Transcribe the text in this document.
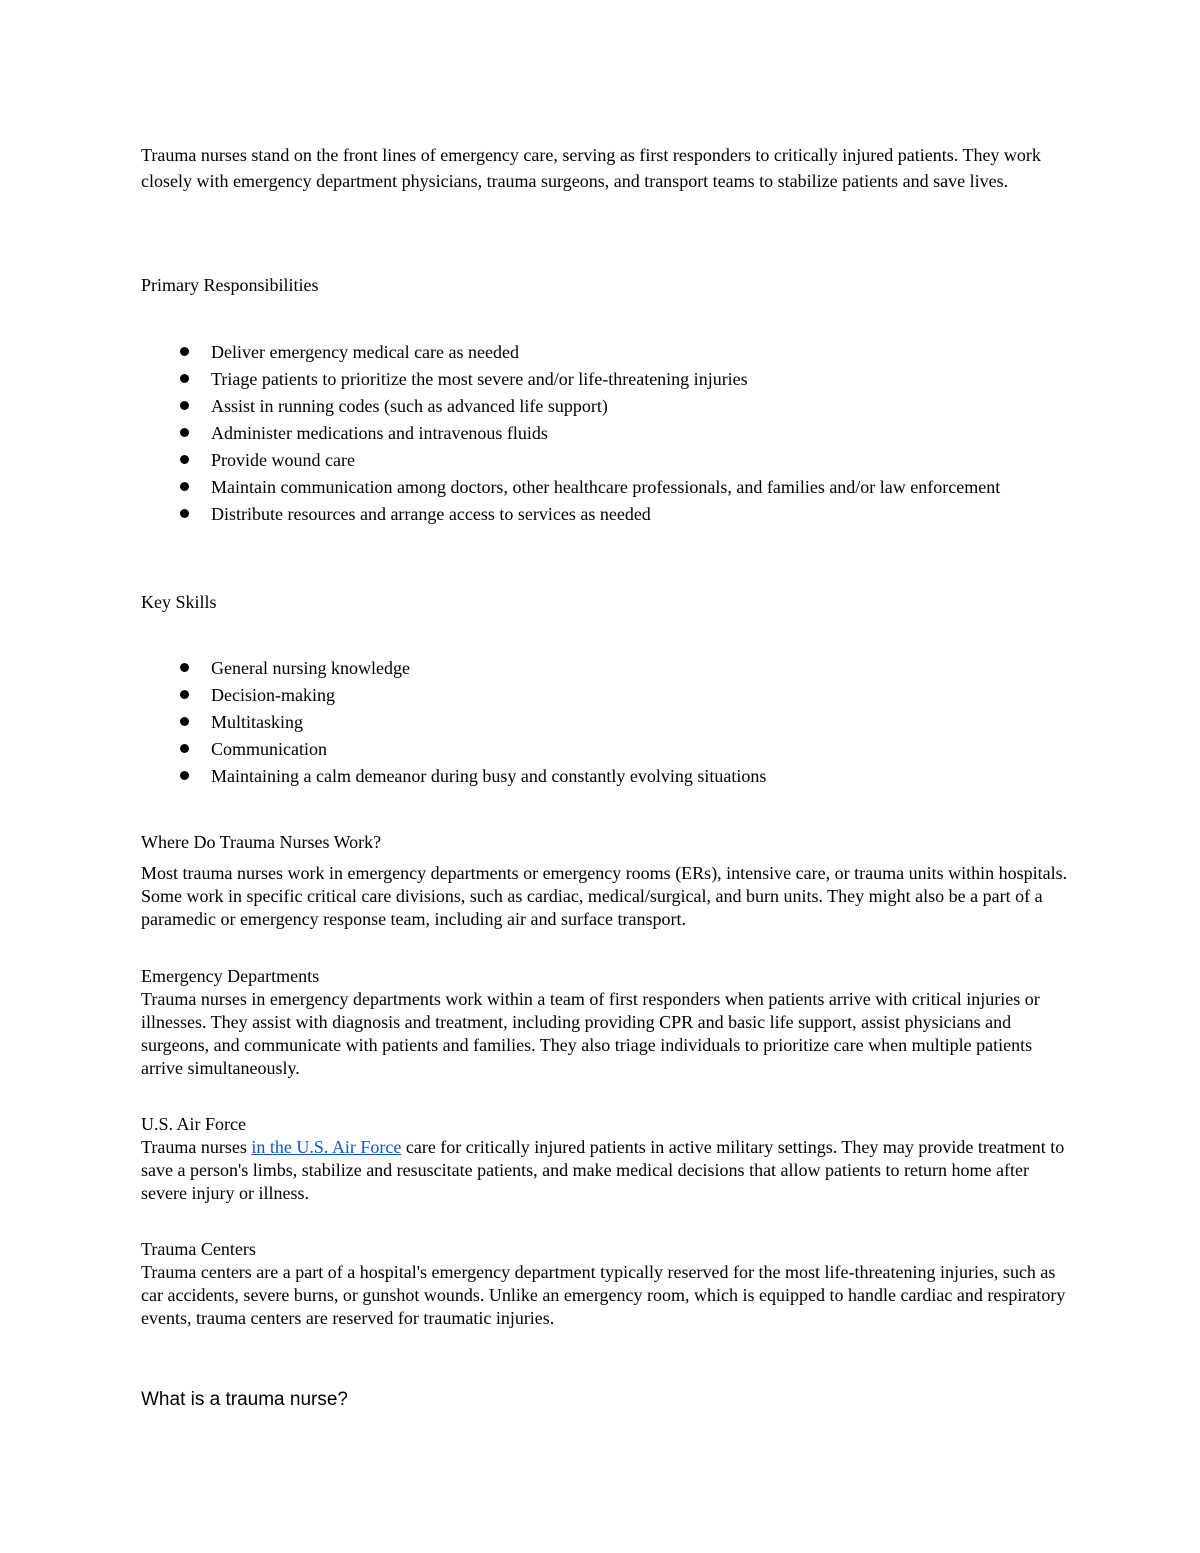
Trauma nurses stand on the front lines of emergency care, serving as first responders to critically injured patients. They work closely with emergency department physicians, trauma surgeons, and transport teams to stabilize patients and save lives.
Primary Responsibilities
Deliver emergency medical care as needed
Triage patients to prioritize the most severe and/or life-threatening injuries
Assist in running codes (such as advanced life support)
Administer medications and intravenous fluids
Provide wound care
Maintain communication among doctors, other healthcare professionals, and families and/or law enforcement
Distribute resources and arrange access to services as needed
Key Skills
General nursing knowledge
Decision-making
Multitasking
Communication
Maintaining a calm demeanor during busy and constantly evolving situations
Where Do Trauma Nurses Work?
Most trauma nurses work in emergency departments or emergency rooms (ERs), intensive care, or trauma units within hospitals. Some work in specific critical care divisions, such as cardiac, medical/surgical, and burn units. They might also be a part of a paramedic or emergency response team, including air and surface transport.
Emergency Departments
Trauma nurses in emergency departments work within a team of first responders when patients arrive with critical injuries or illnesses. They assist with diagnosis and treatment, including providing CPR and basic life support, assist physicians and surgeons, and communicate with patients and families. They also triage individuals to prioritize care when multiple patients arrive simultaneously.
U.S. Air Force
Trauma nurses in the U.S. Air Force care for critically injured patients in active military settings. They may provide treatment to save a person's limbs, stabilize and resuscitate patients, and make medical decisions that allow patients to return home after severe injury or illness.
Trauma Centers
Trauma centers are a part of a hospital's emergency department typically reserved for the most life-threatening injuries, such as car accidents, severe burns, or gunshot wounds. Unlike an emergency room, which is equipped to handle cardiac and respiratory events, trauma centers are reserved for traumatic injuries.
What is a trauma nurse?
